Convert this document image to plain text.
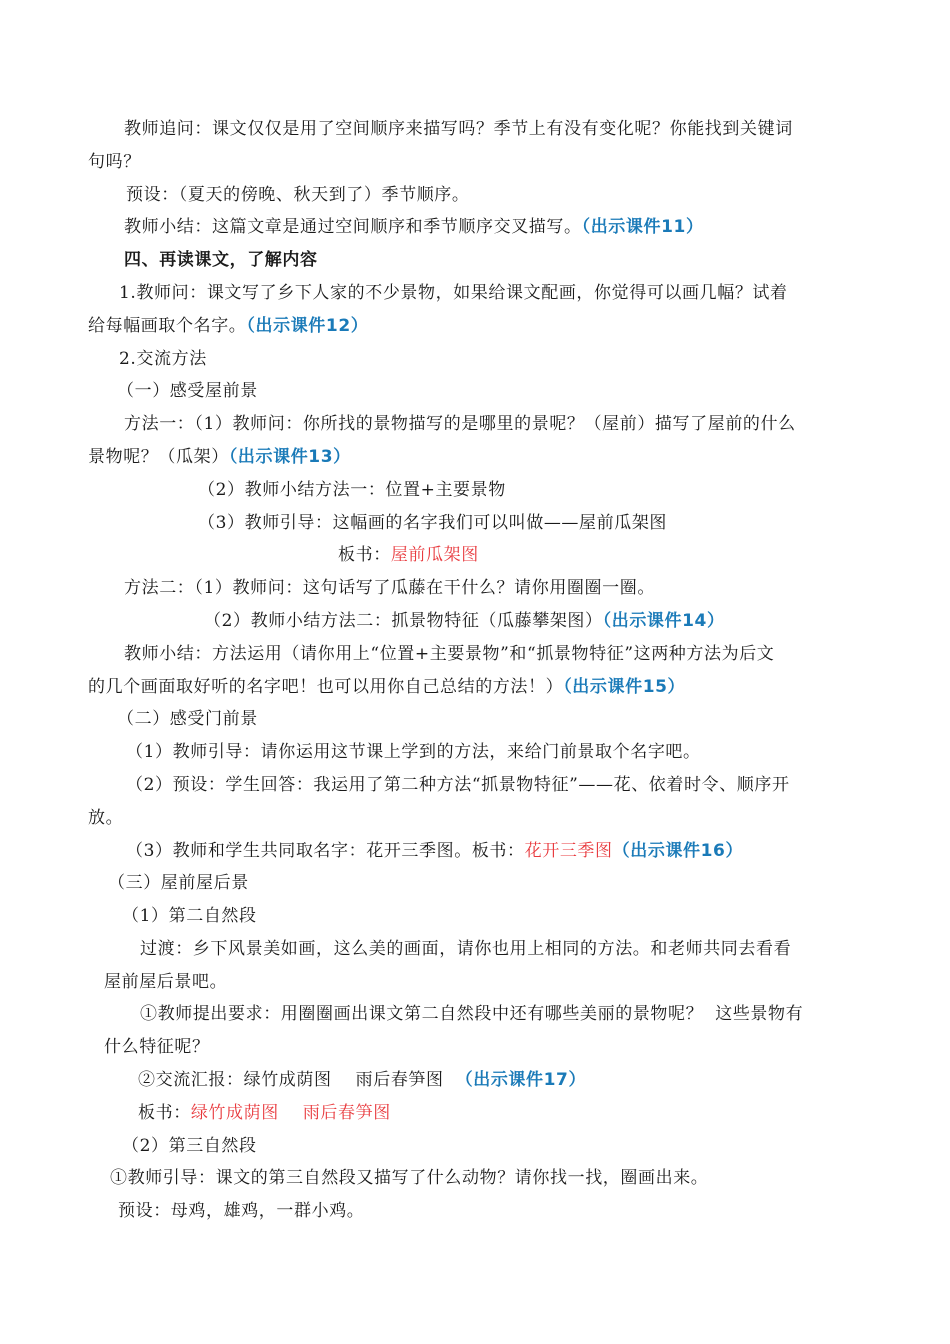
教师追问：课文仅仅是用了空间顺序来描写吗？季节上有没有变化呢？你能找到关键词
句吗？
预设：（夏天的傍晚、秋天到了）季节顺序。
教师小结：这篇文章是通过空间顺序和季节顺序交叉描写。（出示课件11）
四、再读课文，了解内容
1.教师问：课文写了乡下人家的不少景物，如果给课文配画，你觉得可以画几幅？试着
给每幅画取个名字。（出示课件12）
2.交流方法
（一）感受屋前景
方法一：（1）教师问：你所找的景物描写的是哪里的景呢？（屋前）描写了屋前的什么
景物呢？（瓜架）（出示课件13）
（2）教师小结方法一：位置+主要景物
（3）教师引导：这幅画的名字我们可以叫做——屋前瓜架图
板书：屋前瓜架图
方法二：（1）教师问：这句话写了瓜藤在干什么？请你用圈圈一圈。
（2）教师小结方法二：抓景物特征（瓜藤攀架图）（出示课件14）
教师小结：方法运用（请你用上“位置+主要景物”和“抓景物特征”这两种方法为后文
的几个画面取好听的名字吧！也可以用你自己总结的方法！）（出示课件15）
（二）感受门前景
（1）教师引导：请你运用这节课上学到的方法，来给门前景取个名字吧。
（2）预设：学生回答：我运用了第二种方法“抓景物特征”——花、依着时令、顺序开
放。
（3）教师和学生共同取名字：花开三季图。板书：花开三季图（出示课件16）
（三）屋前屋后景
（1）第二自然段
过渡：乡下风景美如画，这么美的画面，请你也用上相同的方法。和老师共同去看看
屋前屋后景吧。
①教师提出要求：用圈圈画出课文第二自然段中还有哪些美丽的景物呢？  这些景物有
什么特征呢？
②交流汇报：绿竹成荫图    雨后春笋图  （出示课件17）
板书：绿竹成荫图    雨后春笋图
（2）第三自然段
①教师引导：课文的第三自然段又描写了什么动物？请你找一找，圈画出来。
预设：母鸡，雄鸡，一群小鸡。
